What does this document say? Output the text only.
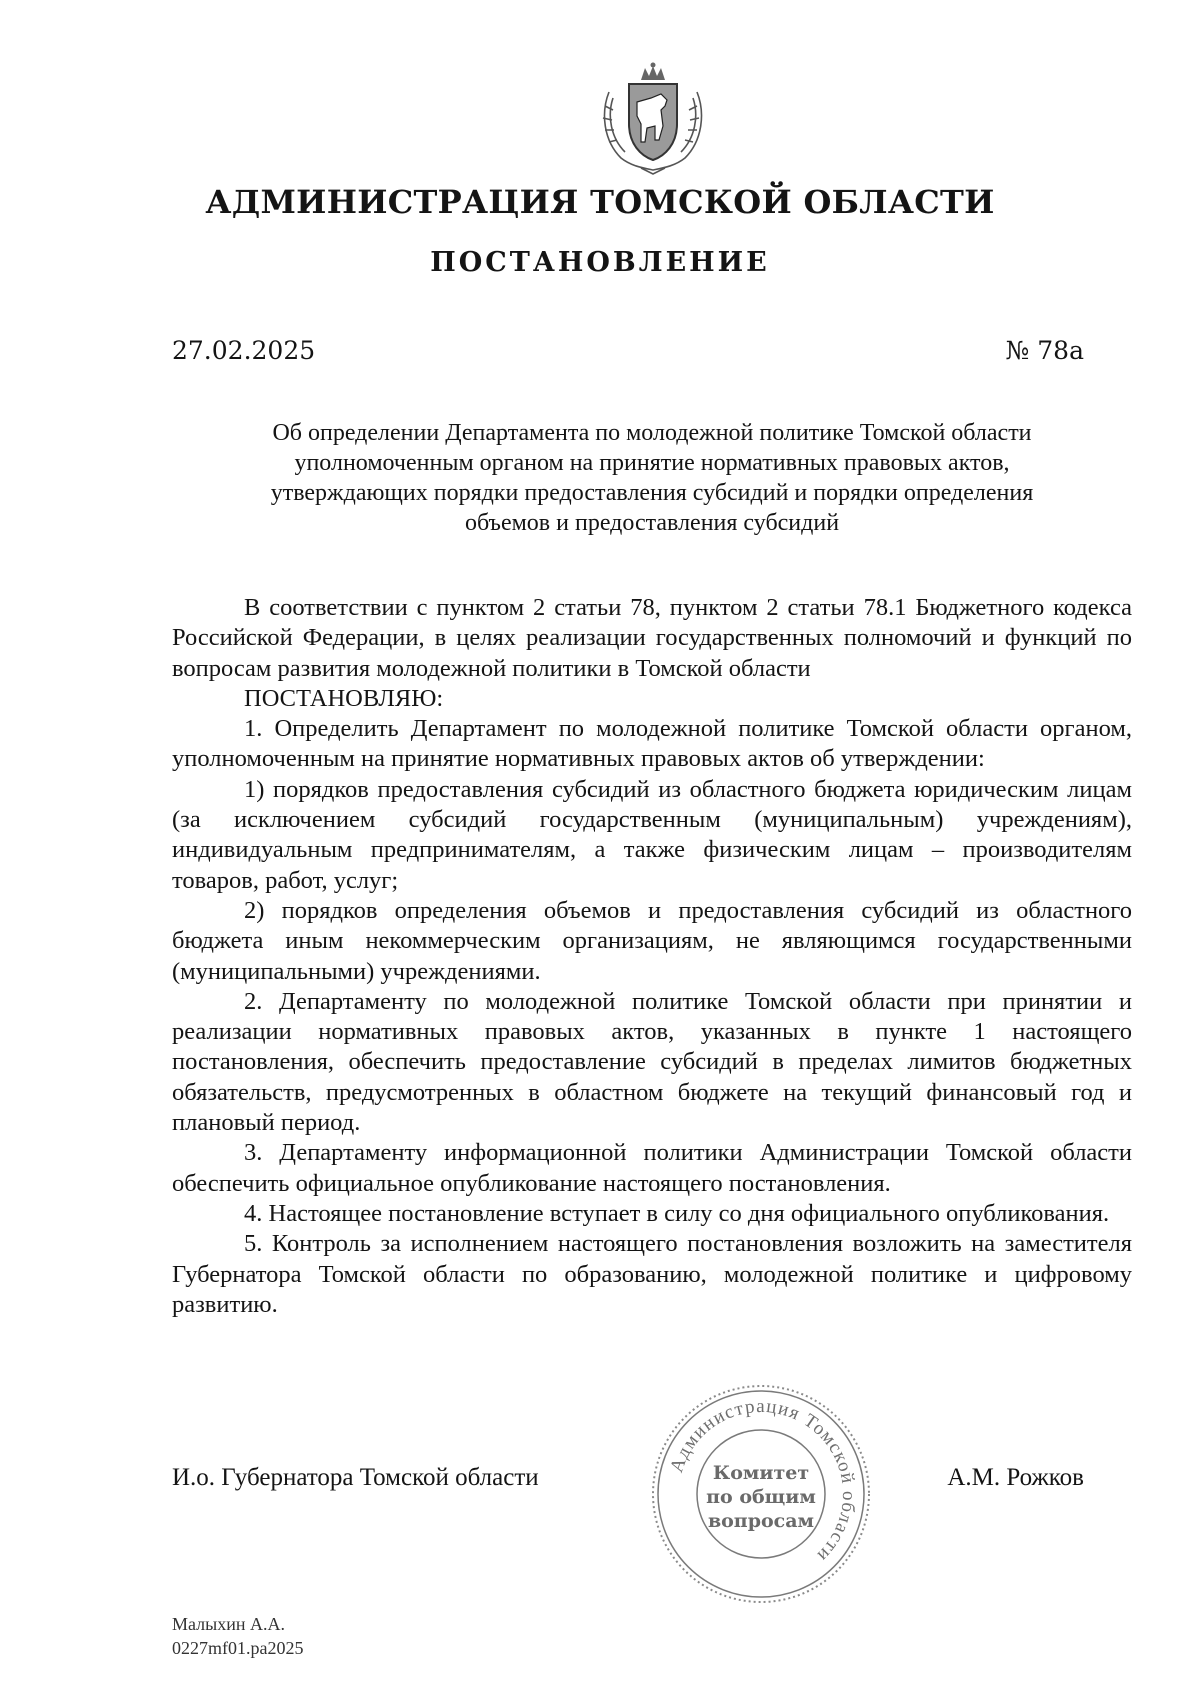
АДМИНИСТРАЦИЯ ТОМСКОЙ ОБЛАСТИ
ПОСТАНОВЛЕНИЕ
27.02.2025	№ 78а
Об определении Департамента по молодежной политике Томской области
уполномоченным органом на принятие нормативных правовых актов,
утверждающих порядки предоставления субсидий и порядки определения
объемов и предоставления субсидий

В соответствии с пунктом 2 статьи 78, пунктом 2 статьи 78.1 Бюджетного кодекса Российской Федерации, в целях реализации государственных полномочий и функций по вопросам развития молодежной политики в Томской области

ПОСТАНОВЛЯЮ:

1. Определить Департамент по молодежной политике Томской области органом, уполномоченным на принятие нормативных правовых актов об утверждении:

1) порядков предоставления субсидий из областного бюджета юридическим лицам (за исключением субсидий государственным (муниципальным) учреждениям), индивидуальным предпринимателям, а также физическим лицам – производителям товаров, работ, услуг;

2) порядков определения объемов и предоставления субсидий из областного бюджета иным некоммерческим организациям, не являющимся государственными (муниципальными) учреждениями.

2. Департаменту по молодежной политике Томской области при принятии и реализации нормативных правовых актов, указанных в пункте 1 настоящего постановления, обеспечить предоставление субсидий в пределах лимитов бюджетных обязательств, предусмотренных в областном бюджете на текущий финансовый год и плановый период.

3. Департаменту информационной политики Администрации Томской области обеспечить официальное опубликование настоящего постановления.

4. Настоящее постановление вступает в силу со дня официального опубликования.

5. Контроль за исполнением настоящего постановления возложить на заместителя Губернатора Томской области по образованию, молодежной политике и цифровому развитию.

И.о. Губернатора Томской области	А.М. Рожков
Администрация Томской области
Комитет
по общим
вопросам
Малыхин А.А.
0227mf01.pa2025
